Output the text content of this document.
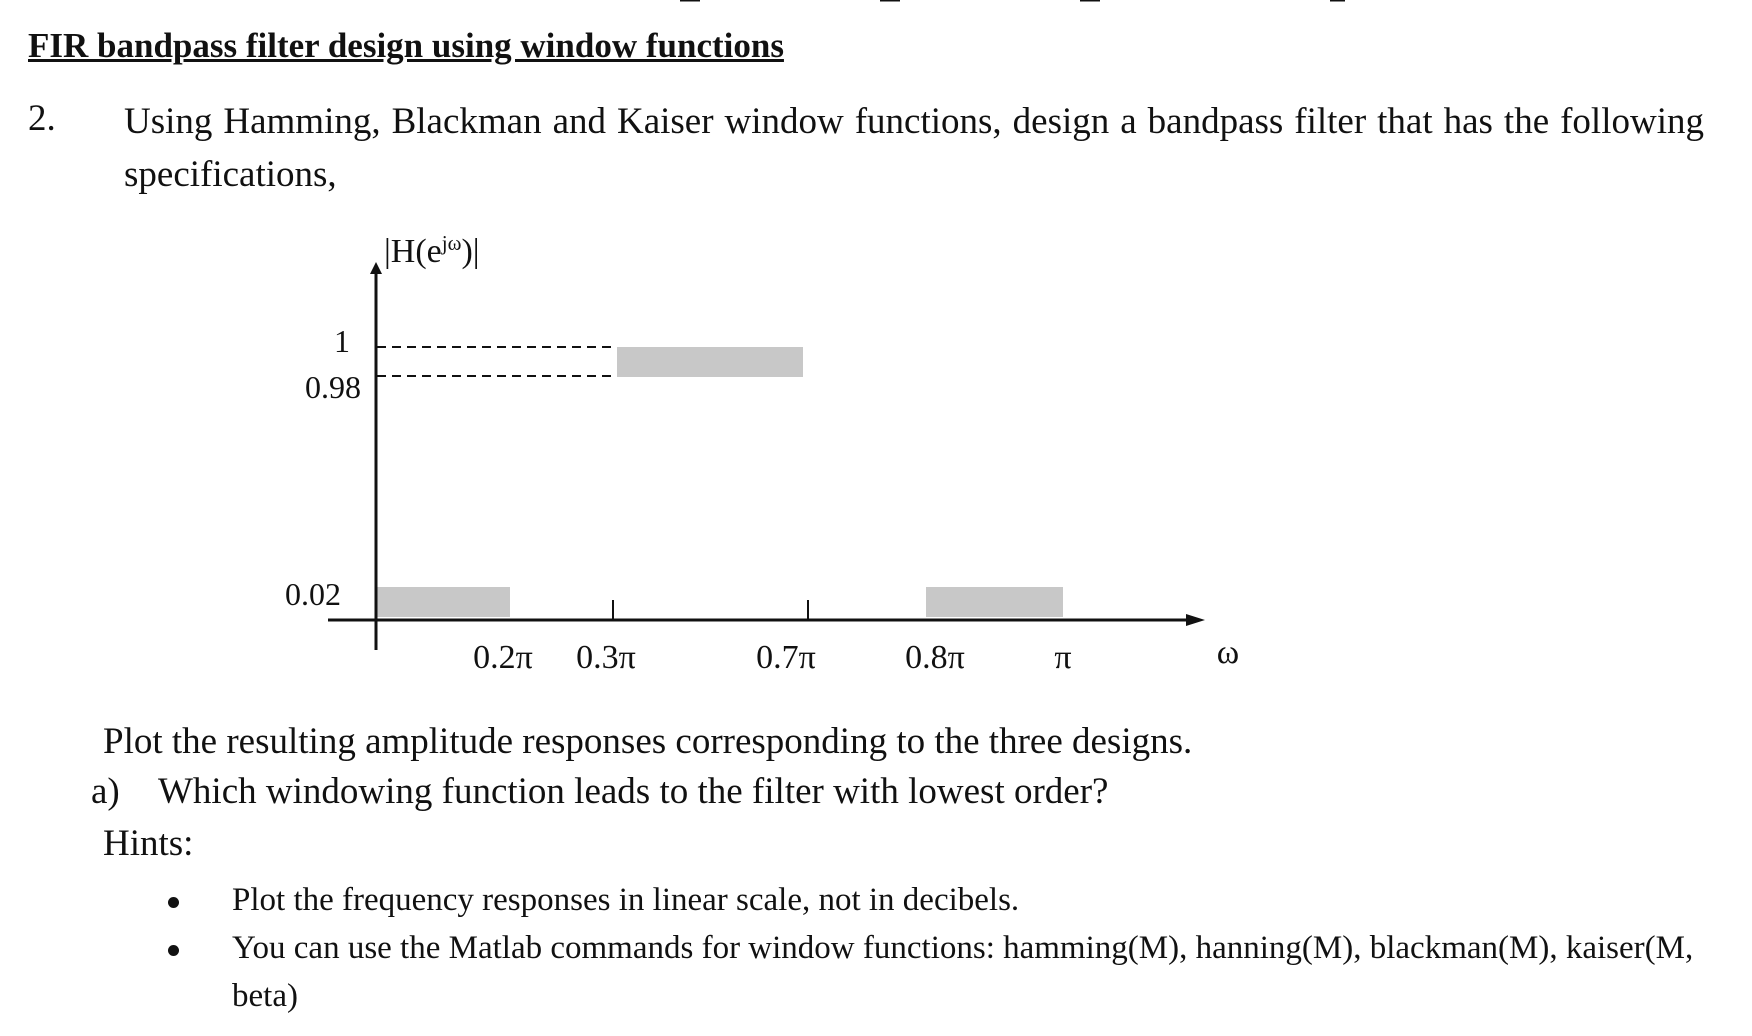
FIR bandpass filter design using window functions
2. Using Hamming, Blackman and Kaiser window functions, design a bandpass filter that has the following specifications,
1
0.98
0.02
0.2π 0.3π	0.7π	0.8π	π
$|H(e^{j\omega})|$
ω
Plot the resulting amplitude responses corresponding to the three designs.
a) Which windowing function leads to the filter with lowest order?
Hints:
Plot the frequency responses in linear scale, not in decibels.
You can use the Matlab commands for window functions: hamming(M), hanning(M), blackman(M), kaiser(M, beta)
